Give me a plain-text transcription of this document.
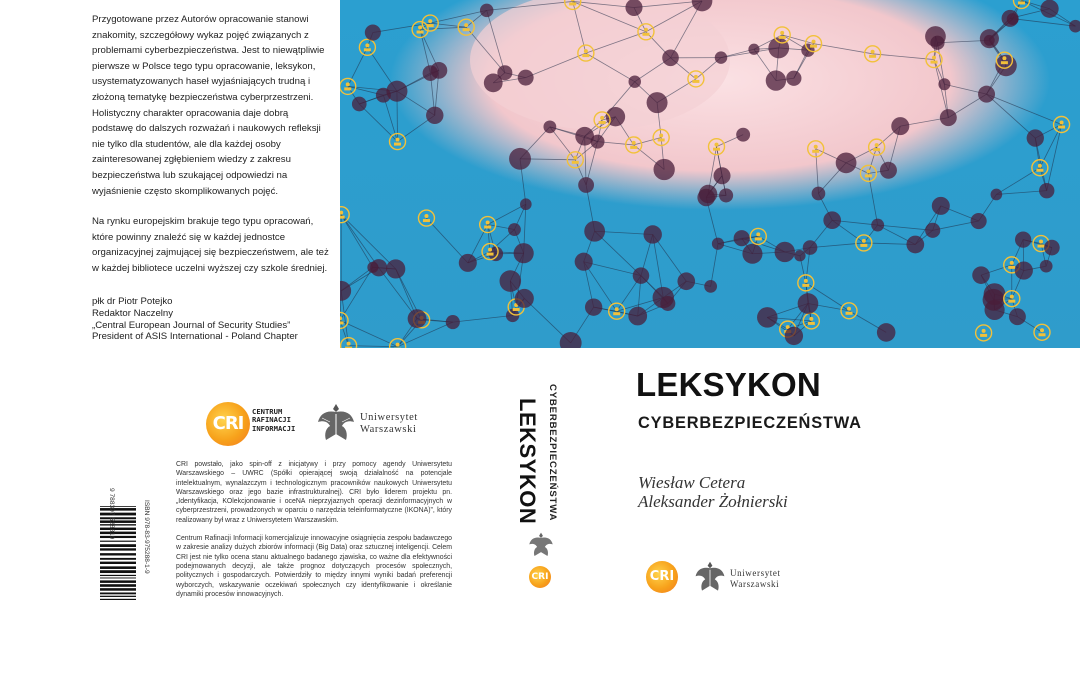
Przygotowane przez Autorów opracowanie stanowi znakomity, szczegółowy wykaz pojęć związanych z problemami cyberbezpieczeństwa. Jest to niewątpliwie pierwsze w Polsce tego typu opracowanie, leksykon, usystematyzowanych haseł wyjaśniających trudną i złożoną tematykę bezpieczeństwa cyberprzestrzeni. Holistyczny charakter opracowania daje dobrą podstawę do dalszych rozważań i naukowych refleksji nie tylko dla studentów, ale dla każdej osoby zainteresowanej zgłębieniem wiedzy z zakresu bezpieczeństwa lub szukającej odpowiedzi na wyjaśnienie często skomplikowanych pojęć.

Na rynku europejskim brakuje tego typu opracowań, które powinny znaleźć się w każdej jednostce organizacyjnej zajmującej się bezpieczeństwem, ale też w każdej bibliotece uczelni wyższej czy szkole średniej.

płk dr Piotr Potejko
Redaktor Naczelny
„Central European Journal of Security Studies”
President of ASIS International - Poland Chapter
CRI
CENTRUM
RAFINACJI
INFORMACJI
Uniwersytet
Warszawski

CRI powstało, jako spin-off z inicjatywy i przy pomocy agendy Uniwersytetu Warszawskiego – UWRC (Spółki opierającej swoją działalność na potencjale intelektualnym, wynalazczym i technologicznym pracowników naukowych Uniwersytetu Warszawskiego oraz jego bazie infrastrukturalnej). CRI było liderem projektu pn. „Identyfikacja, KOlekcjonowanie i oceNA nieprzyjaznych operacji dezinformacyjnych w cyberprzestrzeni, prowadzonych w oparciu o narzędzia teleinformatyczne (IKONA)”, który realizowany był wraz z Uniwersytetem Warszawskim.

Centrum Rafinacji Informacji komercjalizuje innowacyjne osiągnięcia zespołu badawczego w zakresie analizy dużych zbiorów informacji (Big Data) oraz sztucznej inteligencji. Celem CRI jest nie tylko ocena stanu aktualnego badanego zjawiska, co ważne dla efektywności podejmowanych decyzji, ale także prognoz dotyczących procesów społecznych, politycznych i gospodarczych. Potwierdziły to między innymi wyniki badań preferencji wyborczych, wskazywanie oczekiwań społecznych czy identyfikowanie i określanie dynamiki procesów innowacyjnych.

9 788397 528819	ISBN 978-83-975288-1-9
LEKSYKON CYBERBEZPIECZEŃSTWA
CRI
LEKSYKON
CYBERBEZPIECZEŃSTWA
Wiesław Cetera
Aleksander Żołnierski
CRI	Uniwersytet
Warszawski
